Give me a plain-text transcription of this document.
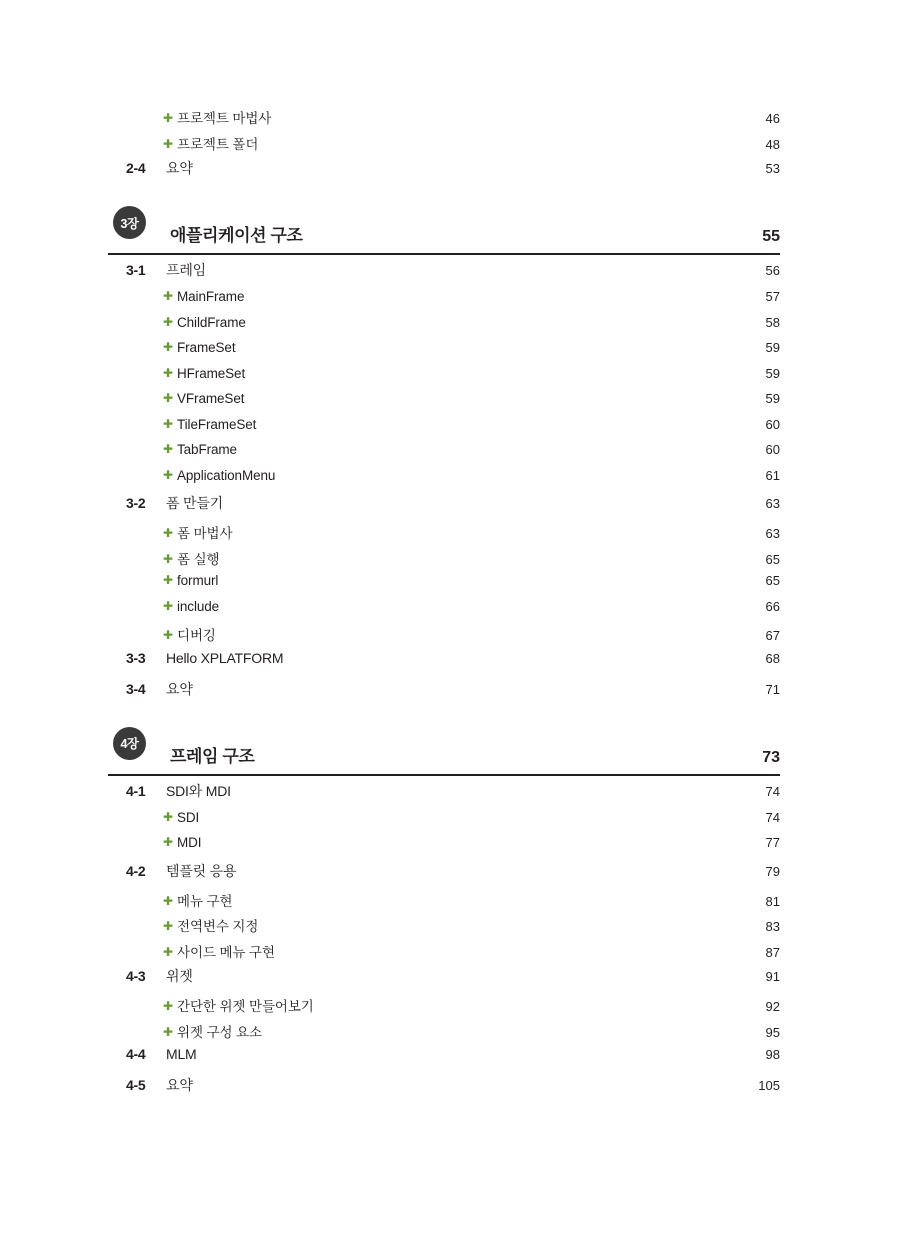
✚ 프로젝트 마법사	46
✚ 프로젝트 폴더	48
2-4	요약	53
3장
애플리케이션 구조	55
3-1	프레임	56
✚ MainFrame	57
✚ ChildFrame	58
✚ FrameSet	59
✚ HFrameSet	59
✚ VFrameSet	59
✚ TileFrameSet	60
✚ TabFrame	60
✚ ApplicationMenu	61
3-2	폼 만들기	63
✚ 폼 마법사	63
✚ 폼 실행	65
✚ formurl	65
✚ include	66
✚ 디버깅	67
3-3	Hello XPLATFORM	68
3-4	요약	71
4장
프레임 구조	73
4-1	SDI와 MDI	74
✚ SDI	74
✚ MDI	77
4-2	템플릿 응용	79
✚ 메뉴 구현	81
✚ 전역변수 지정	83
✚ 사이드 메뉴 구현	87
4-3	위젯	91
✚ 간단한 위젯 만들어보기	92
✚ 위젯 구성 요소	95
4-4	MLM	98
4-5	요약	105
